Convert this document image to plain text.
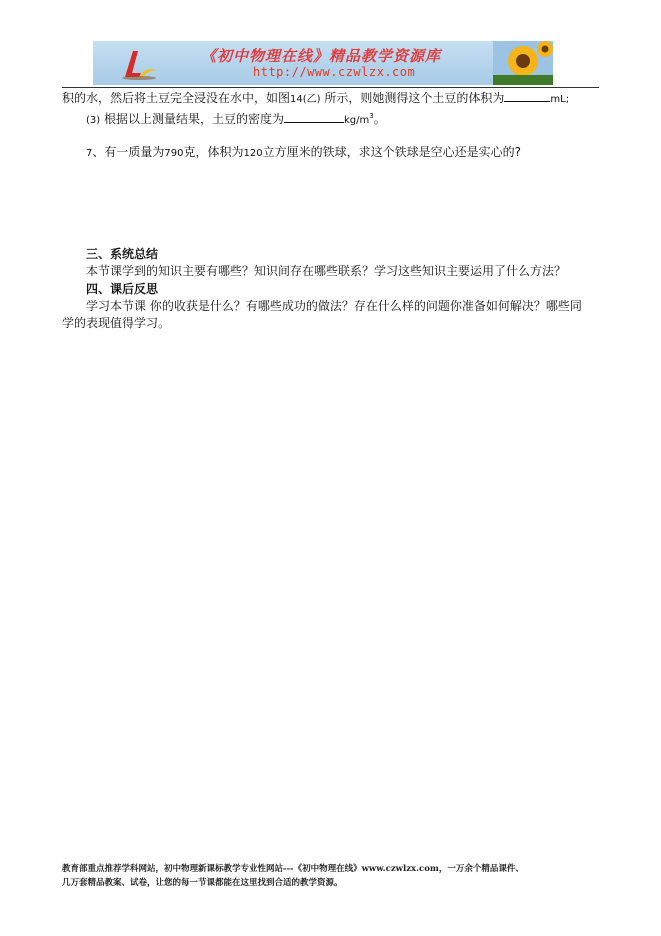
《初中物理在线》精品教学资源库
http://www.czwlzx.com
积的水，然后将土豆完全浸没在水中，如图14(乙) 所示，则她测得这个土豆的体积为	mL;
(3) 根据以上测量结果，土豆的密度为	$kg/m^3$。
7、有一质量为790克，体积为120立方厘米的铁球，求这个铁球是空心还是实心的?
三、系统总结
本节课学到的知识主要有哪些？知识间存在哪些联系？学习这些知识主要运用了什么方法？
四、课后反思
学习本节课 你的收获是什么？有哪些成功的做法？存在什么样的问题你准备如何解决？哪些同
学的表现值得学习。
教育部重点推荐学科网站，初中物理新课标教学专业性网站---《初中物理在线》www.czwlzx.com，一万余个精品课件、
几万套精品教案、试卷，让您的每一节课都能在这里找到合适的教学资源。
